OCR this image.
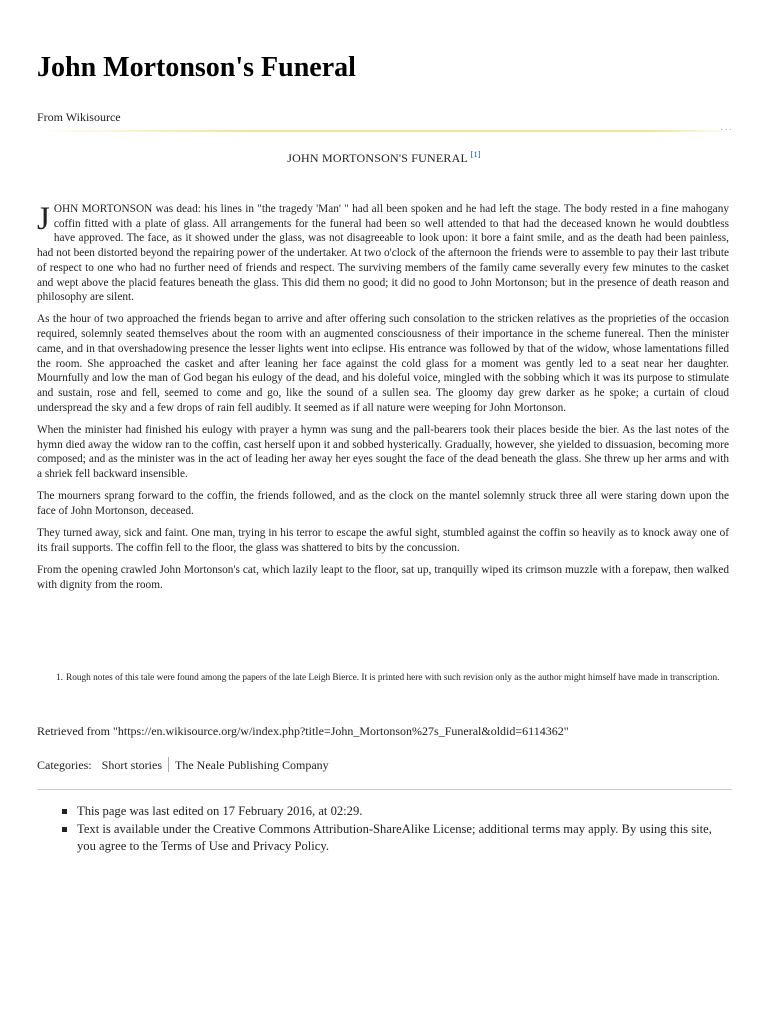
John Mortonson's Funeral
From Wikisource
···
JOHN MORTONSON'S FUNERAL [1]

JOHN MORTONSON was dead: his lines in "the tragedy 'Man' " had all been spoken and he had left the stage. The body rested in a fine mahogany coffin fitted with a plate of glass. All arrangements for the funeral had been so well attended to that had the deceased known he would doubtless have approved. The face, as it showed under the glass, was not disagreeable to look upon: it bore a faint smile, and as the death had been painless, had not been distorted beyond the repairing power of the undertaker. At two o'clock of the afternoon the friends were to assemble to pay their last tribute of respect to one who had no further need of friends and respect. The surviving members of the family came severally every few minutes to the casket and wept above the placid features beneath the glass. This did them no good; it did no good to John Mortonson; but in the presence of death reason and philosophy are silent.

As the hour of two approached the friends began to arrive and after offering such consolation to the stricken relatives as the proprieties of the occasion required, solemnly seated themselves about the room with an augmented consciousness of their importance in the scheme funereal. Then the minister came, and in that overshadowing presence the lesser lights went into eclipse. His entrance was followed by that of the widow, whose lamentations filled the room. She approached the casket and after leaning her face against the cold glass for a moment was gently led to a seat near her daughter. Mournfully and low the man of God began his eulogy of the dead, and his doleful voice, mingled with the sobbing which it was its purpose to stimulate and sustain, rose and fell, seemed to come and go, like the sound of a sullen sea. The gloomy day grew darker as he spoke; a curtain of cloud underspread the sky and a few drops of rain fell audibly. It seemed as if all nature were weeping for John Mortonson.

When the minister had finished his eulogy with prayer a hymn was sung and the pall-bearers took their places beside the bier. As the last notes of the hymn died away the widow ran to the coffin, cast herself upon it and sobbed hysterically. Gradually, however, she yielded to dissuasion, becoming more composed; and as the minister was in the act of leading her away her eyes sought the face of the dead beneath the glass. She threw up her arms and with a shriek fell backward insensible.

The mourners sprang forward to the coffin, the friends followed, and as the clock on the mantel solemnly struck three all were staring down upon the face of John Mortonson, deceased.

They turned away, sick and faint. One man, trying in his terror to escape the awful sight, stumbled against the coffin so heavily as to knock away one of its frail supports. The coffin fell to the floor, the glass was shattered to bits by the concussion.

From the opening crawled John Mortonson's cat, which lazily leapt to the floor, sat up, tranquilly wiped its crimson muzzle with a forepaw, then walked with dignity from the room.

1. Rough notes of this tale were found among the papers of the late Leigh Bierce. It is printed here with such revision only as the author might himself have made in transcription.
Retrieved from "https://en.wikisource.org/w/index.php?title=John_Mortonson%27s_Funeral&oldid=6114362"
Categories: Short stories The Neale Publishing Company
This page was last edited on 17 February 2016, at 02:29.
Text is available under the Creative Commons Attribution-ShareAlike License; additional terms may apply. By using this site, you agree to the Terms of Use and Privacy Policy.
